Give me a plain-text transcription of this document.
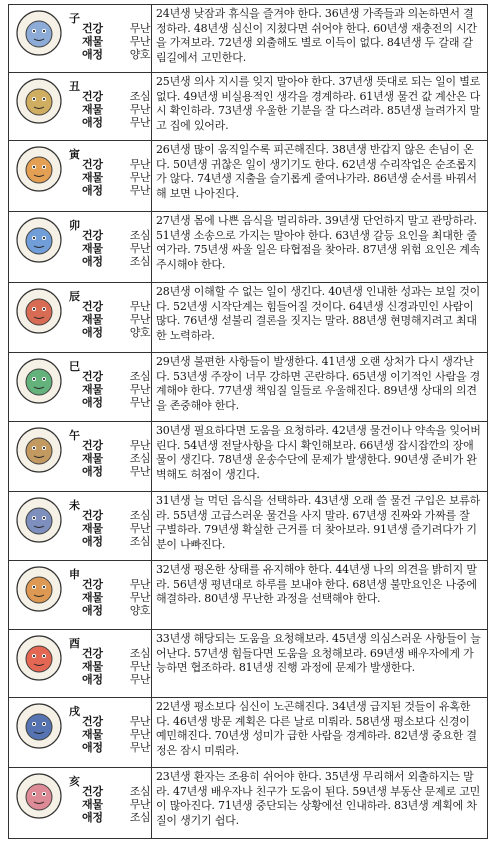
子
건강 무난
재물 무난
애정 양호

24년생 낮잠과 휴식을 즐겨야 한다. 36년생 가족들과 의논하면서 결정하라. 48년생 심신이 지쳤다면 쉬어야 한다. 60년생 재충전의 시간을 가져보라. 72년생 외출해도 별로 이득이 없다. 84년생 두 갈래 갈림길에서 고민한다.

丑
건강 조심
재물 무난
애정 무난

25년생 의사 지시를 잊지 말아야 한다. 37년생 뜻대로 되는 일이 별로 없다. 49년생 비실용적인 생각을 경계하라. 61년생 물건 값 계산은 다시 확인하라. 73년생 우울한 기분을 잘 다스려라. 85년생 늘려가지 말고 집에 있어라.

寅
건강 무난
재물 무난
애정 무난

26년생 많이 움직일수록 피곤해진다. 38년생 반갑지 않은 손님이 온다. 50년생 귀찮은 일이 생기기도 한다. 62년생 수리작업은 순조롭지가 않다. 74년생 지출을 슬기롭게 줄여나가라. 86년생 순서를 바꿔서 해 보면 나아진다.

卯
건강 조심
재물 무난
애정 조심

27년생 몸에 나쁜 음식을 멀리하라. 39년생 단언하지 말고 관망하라. 51년생 소송으로 가지는 말아야 한다. 63년생 갈등 요인을 최대한 줄여가라. 75년생 싸울 일은 타협점을 찾아라. 87년생 위험 요인은 계속 주시해야 한다.

辰
건강 무난
재물 무난
애정 양호

28년생 이해할 수 없는 일이 생긴다. 40년생 인내한 성과는 보일 것이다. 52년생 시작단계는 힘들어질 것이다. 64년생 신경과민인 사람이 많다. 76년생 섣불리 결론을 짓지는 말라. 88년생 현명해지려고 최대한 노력하라.

巳
건강 조심
재물 무난
애정 무난

29년생 불편한 사항들이 발생한다. 41년생 오랜 상처가 다시 생각난다. 53년생 주장이 너무 강하면 곤란하다. 65년생 이기적인 사람을 경계해야 한다. 77년생 책임질 일들로 우울해진다. 89년생 상대의 의견을 존중해야 한다.

午
건강 무난
재물 조심
애정 무난

30년생 필요하다면 도움을 요청하라. 42년생 물건이나 약속을 잊어버린다. 54년생 전달사항을 다시 확인해보라. 66년생 잡시잡깐의 장애물이 생긴다. 78년생 운송수단에 문제가 발생한다. 90년생 준비가 완벽해도 허점이 생긴다.

未
건강 조심
재물 무난
애정 조심

31년생 늘 먹던 음식을 선택하라. 43년생 오래 쓸 물건 구입은 보류하라. 55년생 고급스러운 물건을 사지 말라. 67년생 진짜와 가짜를 잘 구별하라. 79년생 확실한 근거를 더 찾아보라. 91년생 즐기려다가 기분이 나빠진다.

申
건강 무난
재물 무난
애정 양호

32년생 평온한 상태를 유지해야 한다. 44년생 나의 의견을 밝히지 말라. 56년생 평년대로 하루를 보내야 한다. 68년생 불만요인은 나중에 해결하라. 80년생 무난한 과정을 선택해야 한다.

酉
건강 조심
재물 무난
애정 무난

33년생 해당되는 도움을 요청해보라. 45년생 의심스러운 사항들이 늘어난다. 57년생 힘들다면 도움을 요청해보라. 69년생 배우자에게 가능하면 협조하라. 81년생 진행 과정에 문제가 발생한다.

戌
건강 무난
재물 무난
애정 무난

22년생 평소보다 심신이 노곤해진다. 34년생 급지된 것들이 유혹한다. 46년생 방문 계획은 다른 날로 미뤄라. 58년생 평소보다 신경이 예민해진다. 70년생 성미가 급한 사람을 경계하라. 82년생 중요한 결정은 잠시 미뤄라.

亥
건강 조심
재물 무난
애정 조심

23년생 환자는 조용히 쉬어야 한다. 35년생 무리해서 외출하지는 말라. 47년생 배우자나 친구가 도움이 된다. 59년생 부동산 문제로 고민이 많아진다. 71년생 중단되는 상황에선 인내하라. 83년생 계획에 차질이 생기기 쉽다.
